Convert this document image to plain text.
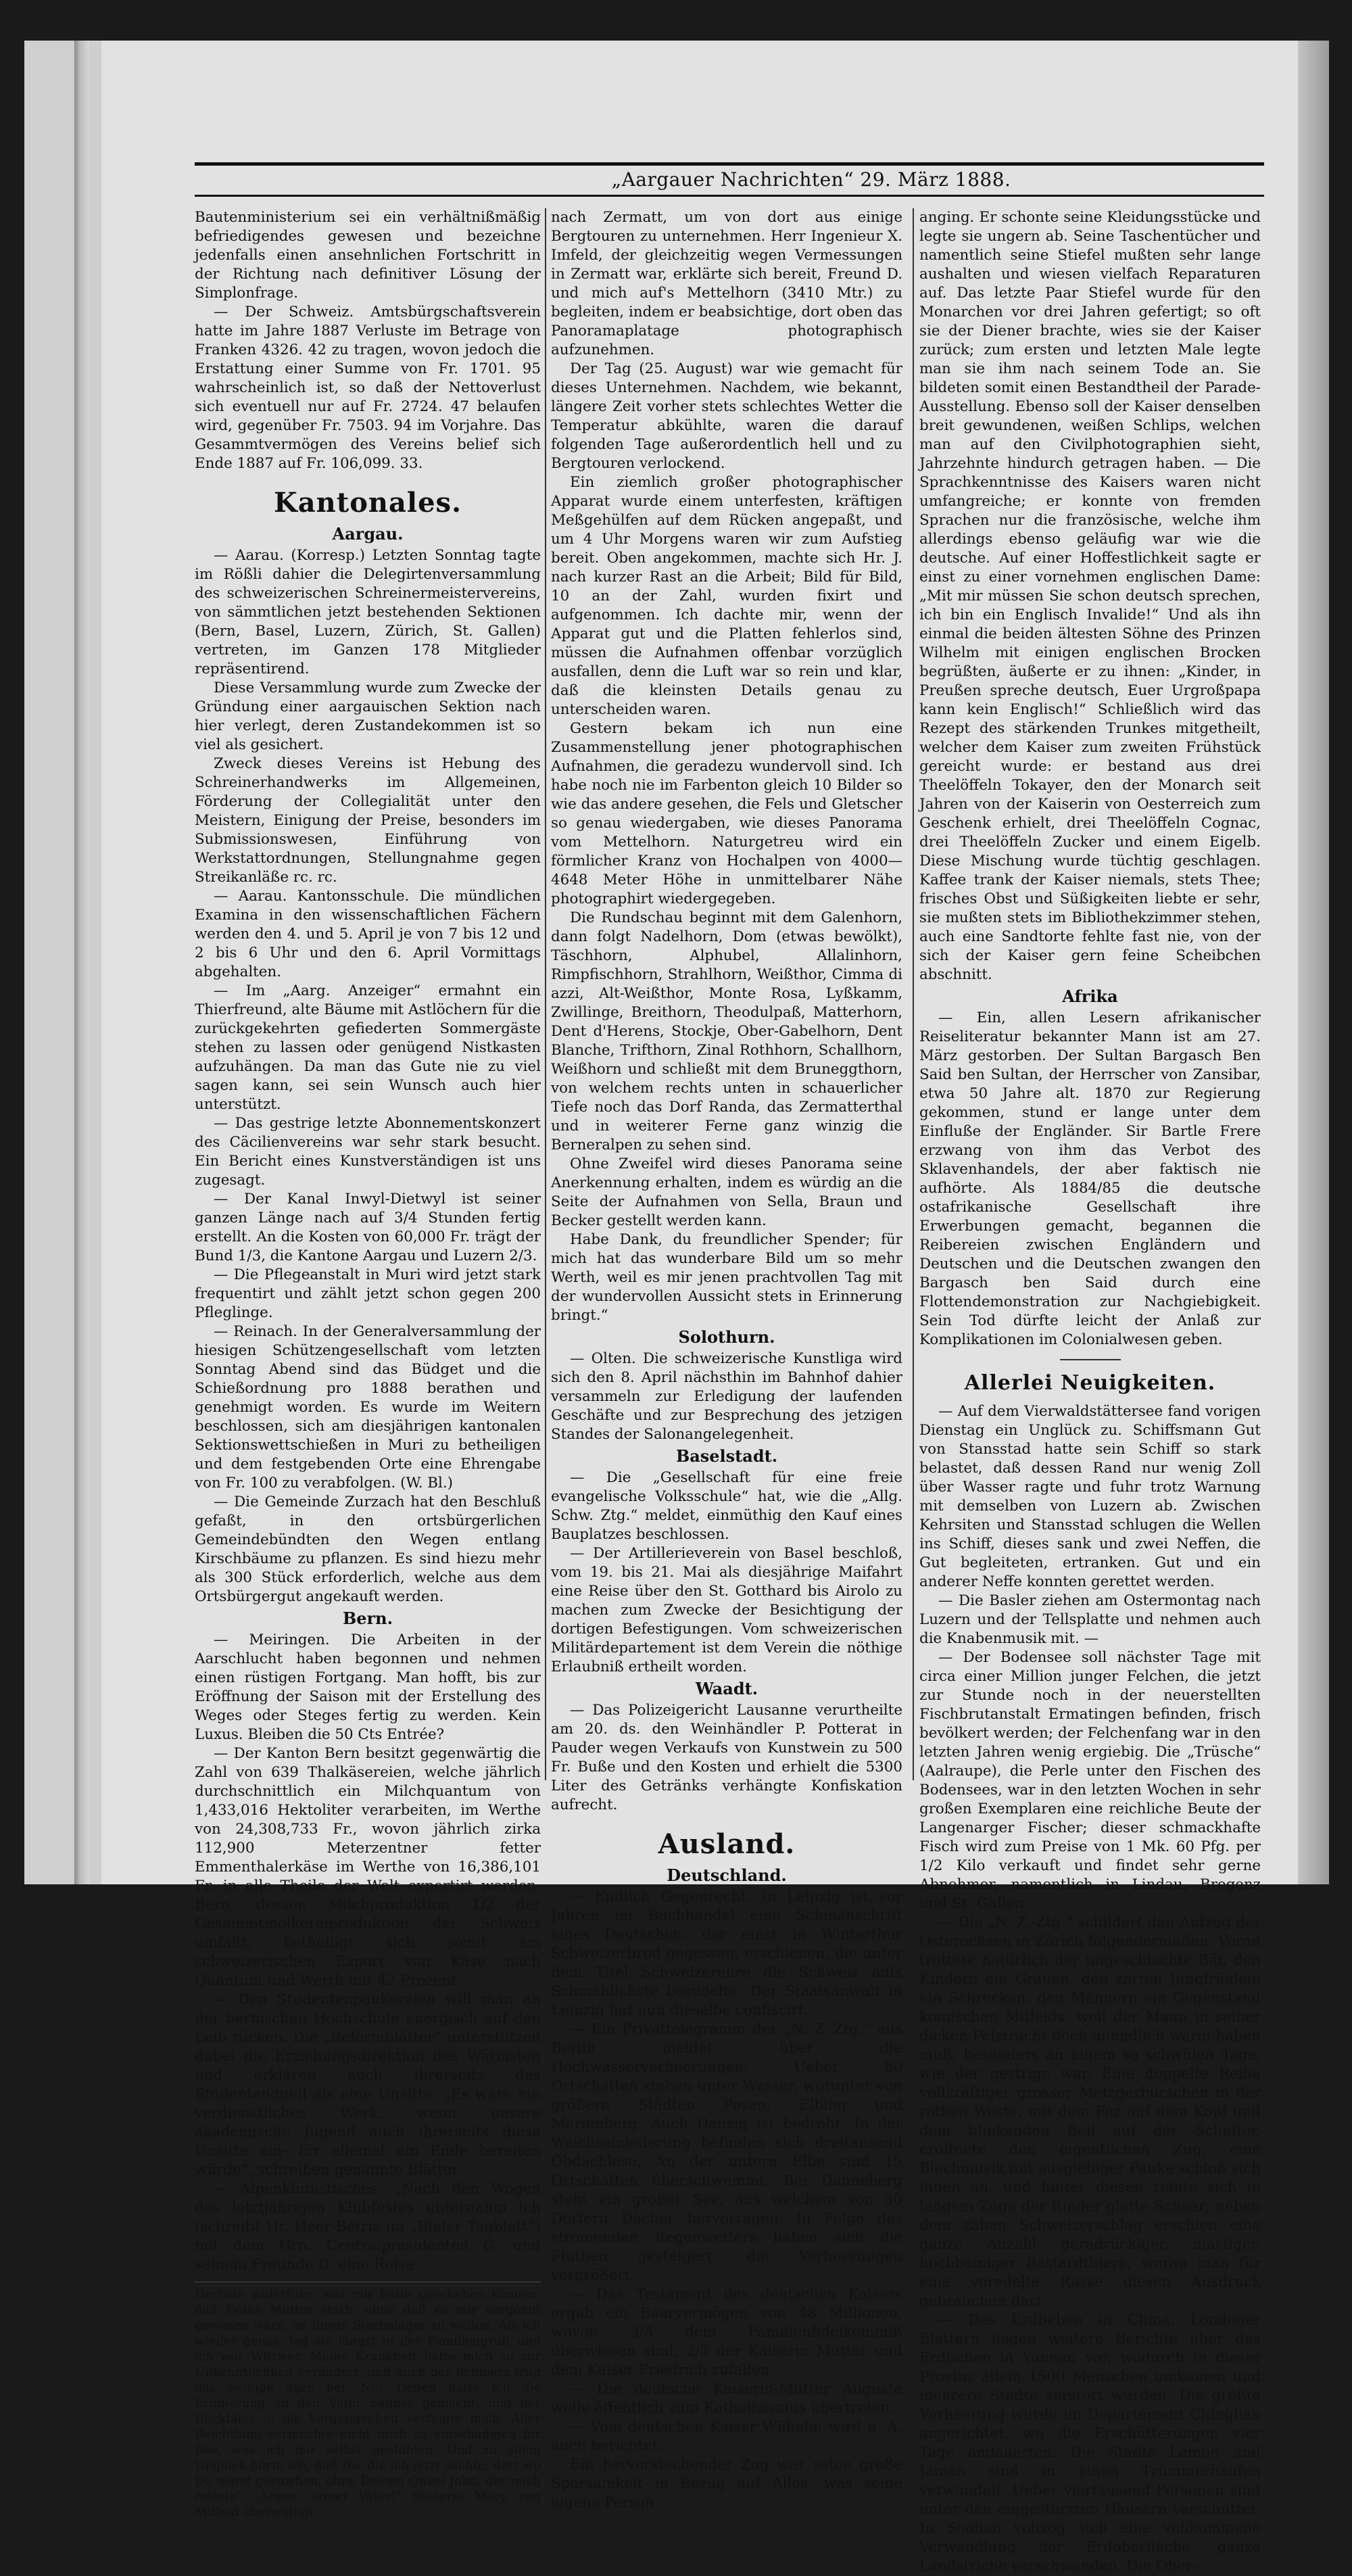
„Aargauer Nachrichten“ 29. März 1888.

Bautenministerium sei ein verhältnißmäßig befriedigendes gewesen und bezeichne jedenfalls einen ansehnlichen Fortschritt in der Richtung nach definitiver Lösung der Simplonfrage.

— Der Schweiz. Amtsbürgschaftsverein hatte im Jahre 1887 Verluste im Betrage von Franken 4326. 42 zu tragen, wovon jedoch die Erstattung einer Summe von Fr. 1701. 95 wahrscheinlich ist, so daß der Nettoverlust sich eventuell nur auf Fr. 2724. 47 belaufen wird, gegenüber Fr. 7503. 94 im Vorjahre. Das Gesammtvermögen des Vereins belief sich Ende 1887 auf Fr. 106,099. 33.

Kantonales.
Aargau.

— Aarau. (Korresp.) Letzten Sonntag tagte im Rößli dahier die Delegirtenversammlung des schweizerischen Schreinermeistervereins, von sämmtlichen jetzt bestehenden Sektionen (Bern, Basel, Luzern, Zürich, St. Gallen) vertreten, im Ganzen 178 Mitglieder repräsentirend.

Diese Versammlung wurde zum Zwecke der Gründung einer aargauischen Sektion nach hier verlegt, deren Zustandekommen ist so viel als gesichert.

Zweck dieses Vereins ist Hebung des Schreinerhandwerks im Allgemeinen, Förderung der Collegialität unter den Meistern, Einigung der Preise, besonders im Submissionswesen, Einführung von Werkstattordnungen, Stellungnahme gegen Streikanläße rc. rc.

— Aarau. Kantonsschule. Die mündlichen Examina in den wissenschaftlichen Fächern werden den 4. und 5. April je von 7 bis 12 und 2 bis 6 Uhr und den 6. April Vormittags abgehalten.

— Im „Aarg. Anzeiger“ ermahnt ein Thierfreund, alte Bäume mit Astlöchern für die zurückgekehrten gefiederten Sommergäste stehen zu lassen oder genügend Nistkasten aufzuhängen. Da man das Gute nie zu viel sagen kann, sei sein Wunsch auch hier unterstützt.

— Das gestrige letzte Abonnementskonzert des Cäcilienvereins war sehr stark besucht. Ein Bericht eines Kunstverständigen ist uns zugesagt.

— Der Kanal Inwyl-Dietwyl ist seiner ganzen Länge nach auf 3/4 Stunden fertig erstellt. An die Kosten von 60,000 Fr. trägt der Bund 1/3, die Kantone Aargau und Luzern 2/3.

— Die Pflegeanstalt in Muri wird jetzt stark frequentirt und zählt jetzt schon gegen 200 Pfleglinge.

— Reinach. In der Generalversammlung der hiesigen Schützengesellschaft vom letzten Sonntag Abend sind das Büdget und die Schießordnung pro 1888 berathen und genehmigt worden. Es wurde im Weitern beschlossen, sich am diesjährigen kantonalen Sektionswettschießen in Muri zu betheiligen und dem festgebenden Orte eine Ehrengabe von Fr. 100 zu verabfolgen. (W. Bl.)

— Die Gemeinde Zurzach hat den Beschluß gefaßt, in den ortsbürgerlichen Gemeindebündten den Wegen entlang Kirschbäume zu pflanzen. Es sind hiezu mehr als 300 Stück erforderlich, welche aus dem Ortsbürgergut angekauft werden.

Bern.

— Meiringen. Die Arbeiten in der Aarschlucht haben begonnen und nehmen einen rüstigen Fortgang. Man hofft, bis zur Eröffnung der Saison mit der Erstellung des Weges oder Steges fertig zu werden. Kein Luxus. Bleiben die 50 Cts Entrée?

— Der Kanton Bern besitzt gegenwärtig die Zahl von 639 Thalkäsereien, welche jährlich durchschnittlich ein Milchquantum von 1,433,016 Hektoliter verarbeiten, im Werthe von 24,308,733 Fr., wovon jährlich zirka 112,900 Meterzentner fetter Emmenthalerkäse im Werthe von 16,386,101 Fr. in alle Theile der Welt exportirt werden. Bern, dessen Milchproduktion 1/2 der Gesammtmolkereiproduktion der Schweiz umfaßt, betheiligt sich somit am schweizerischen Export von Käse nach Quantum und Werth mit 42 Prozent.

— Den Studentenpaukereien will man an der bernischen Hochschule energisch auf den Leib rücken. Die „Reformblätter“ unterstützen dabei die Erziehungsdirektion des Wärmsten und erklären auch ihrerseits das Studentenduell als eine Unsitte. „Es wäre ein verdienstliches Werk, wenn unsere akademische Jugend auch ihrerseits diese Unsitte ein- für allemal ein Ende bereiten würde“, schreiben genannte Blätter.

— Alpenklubistisches. „Nach den Wogen des letztjährigen Klubfestes unternahm ich (schreibt Hr. Heer-Betriz im „Bieler Tagblatt“) mit dem Hrn. Centralpräsidenten G. und seinem Freunde D. eine Reise

Herbste widerfuhr, was mir hätte geschehen können, daß Deine Mutter starb, ohne daß es mir vergönnt gewesen wäre, an ihrem Sterbelager zu weilen. Als ich wieder genas, lag sie längst in der Familiengruft und ich war Wittwer. Meine Krankheit hatte mich so zur Unkenntlichkeit verändert, und auch der Schmerz trug das Seinige dazu bei. Nur Denen hatte ich die Erinnerung an den Vater nahbar gemacht, und der Rückblick in die Vergangenheit verfolgte mich. Aller Reichthum vermochte nicht mich zu entschädigen für Das, was ich mir selbst gestohlen. Und zu allem Unglück hörte ich, daß Du, die ich jetzt suchte, dort wo Du wärst gestorben, ohne Deinen Onkel John, der mich rettete“ „Armer, armer Vater!“ flüsterte Mary, von Mitleid überwältigt.

nach Zermatt, um von dort aus einige Bergtouren zu unternehmen. Herr Ingenieur X. Imfeld, der gleichzeitig wegen Vermessungen in Zermatt war, erklärte sich bereit, Freund D. und mich auf's Mettelhorn (3410 Mtr.) zu begleiten, indem er beabsichtige, dort oben das Panoramaplatage photographisch aufzunehmen.

Der Tag (25. August) war wie gemacht für dieses Unternehmen. Nachdem, wie bekannt, längere Zeit vorher stets schlechtes Wetter die Temperatur abkühlte, waren die darauf folgenden Tage außerordentlich hell und zu Bergtouren verlockend.

Ein ziemlich großer photographischer Apparat wurde einem unterfesten, kräftigen Meßgehülfen auf dem Rücken angepaßt, und um 4 Uhr Morgens waren wir zum Aufstieg bereit. Oben angekommen, machte sich Hr. J. nach kurzer Rast an die Arbeit; Bild für Bild, 10 an der Zahl, wurden fixirt und aufgenommen. Ich dachte mir, wenn der Apparat gut und die Platten fehlerlos sind, müssen die Aufnahmen offenbar vorzüglich ausfallen, denn die Luft war so rein und klar, daß die kleinsten Details genau zu unterscheiden waren.

Gestern bekam ich nun eine Zusammenstellung jener photographischen Aufnahmen, die geradezu wundervoll sind. Ich habe noch nie im Farbenton gleich 10 Bilder so wie das andere gesehen, die Fels und Gletscher so genau wiedergaben, wie dieses Panorama vom Mettelhorn. Naturgetreu wird ein förmlicher Kranz von Hochalpen von 4000—4648 Meter Höhe in unmittelbarer Nähe photographirt wiedergegeben.

Die Rundschau beginnt mit dem Galenhorn, dann folgt Nadelhorn, Dom (etwas bewölkt), Täschhorn, Alphubel, Allalinhorn, Rimpfischhorn, Strahlhorn, Weißthor, Cimma di azzi, Alt-Weißthor, Monte Rosa, Lyßkamm, Zwillinge, Breithorn, Theodulpaß, Matterhorn, Dent d'Herens, Stockje, Ober-Gabelhorn, Dent Blanche, Trifthorn, Zinal Rothhorn, Schallhorn, Weißhorn und schließt mit dem Bruneggthorn, von welchem rechts unten in schauerlicher Tiefe noch das Dorf Randa, das Zermatterthal und in weiterer Ferne ganz winzig die Berneralpen zu sehen sind.

Ohne Zweifel wird dieses Panorama seine Anerkennung erhalten, indem es würdig an die Seite der Aufnahmen von Sella, Braun und Becker gestellt werden kann.

Habe Dank, du freundlicher Spender; für mich hat das wunderbare Bild um so mehr Werth, weil es mir jenen prachtvollen Tag mit der wundervollen Aussicht stets in Erinnerung bringt.“

Solothurn.

— Olten. Die schweizerische Kunstliga wird sich den 8. April nächsthin im Bahnhof dahier versammeln zur Erledigung der laufenden Geschäfte und zur Besprechung des jetzigen Standes der Salonangelegenheit.

Baselstadt.

— Die „Gesellschaft für eine freie evangelische Volksschule“ hat, wie die „Allg. Schw. Ztg.“ meldet, einmüthig den Kauf eines Bauplatzes beschlossen.

— Der Artillerieverein von Basel beschloß, vom 19. bis 21. Mai als diesjährige Maifahrt eine Reise über den St. Gotthard bis Airolo zu machen zum Zwecke der Besichtigung der dortigen Befestigungen. Vom schweizerischen Militärdepartement ist dem Verein die nöthige Erlaubniß ertheilt worden.

Waadt.

— Das Polizeigericht Lausanne verurtheilte am 20. ds. den Weinhändler P. Potterat in Pauder wegen Verkaufs von Kunstwein zu 500 Fr. Buße und den Kosten und erhielt die 5300 Liter des Getränks verhängte Konfiskation aufrecht.

Ausland.
Deutschland.

— Endlich Gegenrecht. In Leipzig ist vor Jahren im Buchhandel eine Schmähschrift eines Deutschen, der einst in Winterthur Schweizerbrod gegessen, erschienen, die unter dem Titel Schweizerehre die Schweiz aufs Schmählichste besudelte. Der Staatsanwalt in Leipzig hat nun dieselbe confiscirt.

— Ein Privattelegramm der „N. Z.-Ztg.“ aus Berlin meldet über die Hochwasserverheerungen: Ueber 80 Ortschaften stehen unter Wasser, worunter von größern Städten Posen, Elbing und Marienberg. Auch Danzig ist bedroht. In der Weichselniederung befinden sich dreitausend Obdachlose. An der untern Elbe sind 15 Ortschaften überschwemmt. Bei Danneberg steht ein großer See, aus welchem von 30 Dörfern Dächer hervorragen. In Folge des strömenden Regenwetters haben sich die Fluthen gesteigert, die Verheerungen vergrößert.

— Das Testament des deutschen Kaisers ergab ein Baarvermögen von 48 Millionen, wovon 3/5 dem Familienfideikommiß überwiesen sind, 2/5 der Kaiserin Mutter und dem Kaiser Friedrich zufallen.

— Die deutsche Kaiserin-Mutter Auguste wolle öffentlich zum Katholizismus übertreten.

— Vom deutschen Kaiser Wilhelm wird u. A. auch berichtet:

Ein hervorstechender Zug war seine große Sparsamkeit in Bezug auf Alles, was seine eigene Person

anging. Er schonte seine Kleidungsstücke und legte sie ungern ab. Seine Taschentücher und namentlich seine Stiefel mußten sehr lange aushalten und wiesen vielfach Reparaturen auf. Das letzte Paar Stiefel wurde für den Monarchen vor drei Jahren gefertigt; so oft sie der Diener brachte, wies sie der Kaiser zurück; zum ersten und letzten Male legte man sie ihm nach seinem Tode an. Sie bildeten somit einen Bestandtheil der Parade-Ausstellung. Ebenso soll der Kaiser denselben breit gewundenen, weißen Schlips, welchen man auf den Civilphotographien sieht, Jahrzehnte hindurch getragen haben. — Die Sprachkenntnisse des Kaisers waren nicht umfangreiche; er konnte von fremden Sprachen nur die französische, welche ihm allerdings ebenso geläufig war wie die deutsche. Auf einer Hoffestlichkeit sagte er einst zu einer vornehmen englischen Dame: „Mit mir müssen Sie schon deutsch sprechen, ich bin ein Englisch Invalide!“ Und als ihn einmal die beiden ältesten Söhne des Prinzen Wilhelm mit einigen englischen Brocken begrüßten, äußerte er zu ihnen: „Kinder, in Preußen spreche deutsch, Euer Urgroßpapa kann kein Englisch!“ Schließlich wird das Rezept des stärkenden Trunkes mitgetheilt, welcher dem Kaiser zum zweiten Frühstück gereicht wurde: er bestand aus drei Theelöffeln Tokayer, den der Monarch seit Jahren von der Kaiserin von Oesterreich zum Geschenk erhielt, drei Theelöffeln Cognac, drei Theelöffeln Zucker und einem Eigelb. Diese Mischung wurde tüchtig geschlagen. Kaffee trank der Kaiser niemals, stets Thee; frisches Obst und Süßigkeiten liebte er sehr, sie mußten stets im Bibliothekzimmer stehen, auch eine Sandtorte fehlte fast nie, von der sich der Kaiser gern feine Scheibchen abschnitt.

Afrika

— Ein, allen Lesern afrikanischer Reiseliteratur bekannter Mann ist am 27. März gestorben. Der Sultan Bargasch Ben Said ben Sultan, der Herrscher von Zansibar, etwa 50 Jahre alt. 1870 zur Regierung gekommen, stund er lange unter dem Einfluße der Engländer. Sir Bartle Frere erzwang von ihm das Verbot des Sklavenhandels, der aber faktisch nie aufhörte. Als 1884/85 die deutsche ostafrikanische Gesellschaft ihre Erwerbungen gemacht, begannen die Reibereien zwischen Engländern und Deutschen und die Deutschen zwangen den Bargasch ben Said durch eine Flottendemonstration zur Nachgiebigkeit. Sein Tod dürfte leicht der Anlaß zur Komplikationen im Colonialwesen geben.

Allerlei Neuigkeiten.

— Auf dem Vierwaldstättersee fand vorigen Dienstag ein Unglück zu. Schiffsmann Gut von Stansstad hatte sein Schiff so stark belastet, daß dessen Rand nur wenig Zoll über Wasser ragte und fuhr trotz Warnung mit demselben von Luzern ab. Zwischen Kehrsiten und Stansstad schlugen die Wellen ins Schiff, dieses sank und zwei Neffen, die Gut begleiteten, ertranken. Gut und ein anderer Neffe konnten gerettet werden.

— Die Basler ziehen am Ostermontag nach Luzern und der Tellsplatte und nehmen auch die Knabenmusik mit. —

— Der Bodensee soll nächster Tage mit circa einer Million junger Felchen, die jetzt zur Stunde noch in der neuerstellten Fischbrutanstalt Ermatingen befinden, frisch bevölkert werden; der Felchenfang war in den letzten Jahren wenig ergiebig. Die „Trüsche“ (Aalraupe), die Perle unter den Fischen des Bodensees, war in den letzten Wochen in sehr großen Exemplaren eine reichliche Beute der Langenarger Fischer; dieser schmackhafte Fisch wird zum Preise von 1 Mk. 60 Pfg. per 1/2 Kilo verkauft und findet sehr gerne Abnehmer, namentlich in Lindau, Bregenz und St. Gallen.

— Die „N. Z.-Ztg.“ schildert den Aufzug der Osterochsen in Zürich folgendermaßen: Voran trottete natürlich der ungeschlachte Bär, den Kindern ein Grauen, den zarten Jungfräulein ein Schrecken, den Männern ein Gegenstand komischen Mitleids, weil der Mann in seiner dicken Pelztracht doch unendlich warm haben muß, besonders an einem so schwülen Tage, wie der gestrige war. Eine doppelte Reihe vollkräftiger grosser Metzgerburschen in der rothen Weste, mit dem Fez auf dem Kopf und dem blinkenden Beil auf der Schulter, eröffnete den eigentlichen Zug; eine Blechmusik mit ausgiebiger Pauke schloß sich ihnen an, und hinter diesen reihte sich in langem Zuge der Rinder glatte Schaar; neben dem zähen Schweizerschlag erschien eine ganze Anzahl geradrückiger, mastiger, hochbeiniger Bastardthiere, woran man für eine veredelte Rasse diesen Ausdruck gebrauchen darf.

— Das Erdbeben in China. Londoner Blättern liegen weitere Berichte über das Erdbeben in Yunnan vor, wodurch in dieser Provinz allein 1500 Menschen umkamen und mehrere Städte zerstört wurden. Die größte Verheerung wurde im Departement Chinghan angerichtet, wo die Erschütterungen vier Tage andauerten. Die Städte Lamon und Jamen sind in einen Trümmerhaufen verwandelt. Ueber viertausend Personen sind unter den eingestürzten Häusern verschüttet. In Soohan vollzog sich eine vollkommene Verwandlung der Erdoberfläche, ganze Landstriche verschwanden. Die Ober-
